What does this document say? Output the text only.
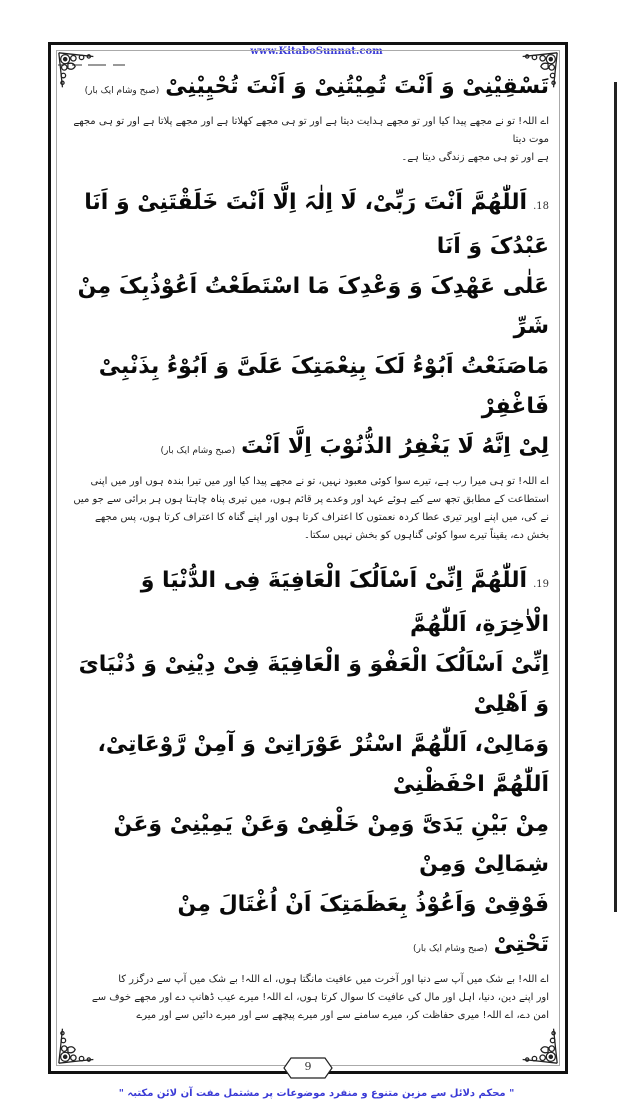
www.KitaboSunnat.com
تَسْقِیْنِیْ وَ اَنْتَ تُمِیْتُنِیْ وَ اَنْتَ تُحْیِیْنِیْ(صبح وشام ایک بار)
اے اللہ! تو نے مجھے پیدا کیا اور تو مجھے ہدایت دیتا ہے اور تو ہی مجھے کھلاتا ہے اور مجھے پلاتا ہے اور تو ہی مجھے موت دیتا
ہے اور تو ہی مجھے زندگی دیتا ہے۔
18.اَللّٰھُمَّ اَنْتَ رَبِّیْ، لَا اِلٰہَ اِلَّا اَنْتَ خَلَقْتَنِیْ وَ اَنَا عَبْدُکَ وَ اَنَا
عَلٰی عَھْدِکَ وَ وَعْدِکَ مَا اسْتَطَعْتُ اَعُوْذُبِکَ مِنْ شَرِّ
مَاصَنَعْتُ اَبُوْءُ لَکَ بِنِعْمَتِکَ عَلَیَّ وَ اَبُوْءُ بِذَنْبِیْ فَاغْفِرْ
لِیْ اِنَّهُ لَا یَغْفِرُ الذُّنُوْبَ اِلَّا اَنْتَ(صبح وشام ایک بار)
اے اللہ! تو ہی میرا رب ہے، تیرے سوا کوئی معبود نہیں، تو نے مجھے پیدا کیا اور میں تیرا بندہ ہوں اور میں اپنی
استطاعت کے مطابق تجھ سے کیے ہوئے عہد اور وعدے پر قائم ہوں، میں تیری پناہ چاہتا ہوں ہر برائی سے جو میں
نے کی، میں اپنے اوپر تیری عطا کردہ نعمتوں کا اعتراف کرتا ہوں اور اپنے گناہ کا اعتراف کرتا ہوں، پس مجھے
بخش دے، یقیناً تیرے سوا کوئی گناہوں کو بخش نہیں سکتا۔
19.اَللّٰھُمَّ اِنِّیْ اَسْاَلُکَ الْعَافِیَةَ فِی الدُّنْیَا وَ الْاٰخِرَةِ، اَللّٰھُمَّ
اِنِّیْ اَسْاَلُکَ الْعَفْوَ وَ الْعَافِیَةَ فِیْ دِیْنِیْ وَ دُنْیَایَ وَ اَھْلِیْ
وَمَالِیْ، اَللّٰھُمَّ اسْتُرْ عَوْرَاتِیْ وَ آمِنْ رَّوْعَاتِیْ، اَللّٰھُمَّ احْفَظْنِیْ
مِنْ بَیْنِ یَدَیَّ وَمِنْ خَلْفِیْ وَعَنْ یَمِیْنِیْ وَعَنْ شِمَالِیْ وَمِنْ
فَوْقِیْ وَاَعُوْذُ بِعَظَمَتِکَ اَنْ اُغْتَالَ مِنْ تَحْتِیْ(صبح وشام ایک بار)
اے اللہ! بے شک میں آپ سے دنیا اور آخرت میں عافیت مانگتا ہوں، اے اللہ! بے شک میں آپ سے درگزر کا
اور اپنے دین، دنیا، اہل اور مال کی عافیت کا سوال کرتا ہوں، اے اللہ! میرے عیب ڈھانپ دے اور مجھے خوف سے
امن دے، اے اللہ! میری حفاظت کر، میرے سامنے سے اور میرے پیچھے سے اور میرے دائیں سے اور میرے
9
" محکم دلائل سے مزین متنوع و منفرد موضوعات پر مشتمل مفت آن لائن مکتبہ "
